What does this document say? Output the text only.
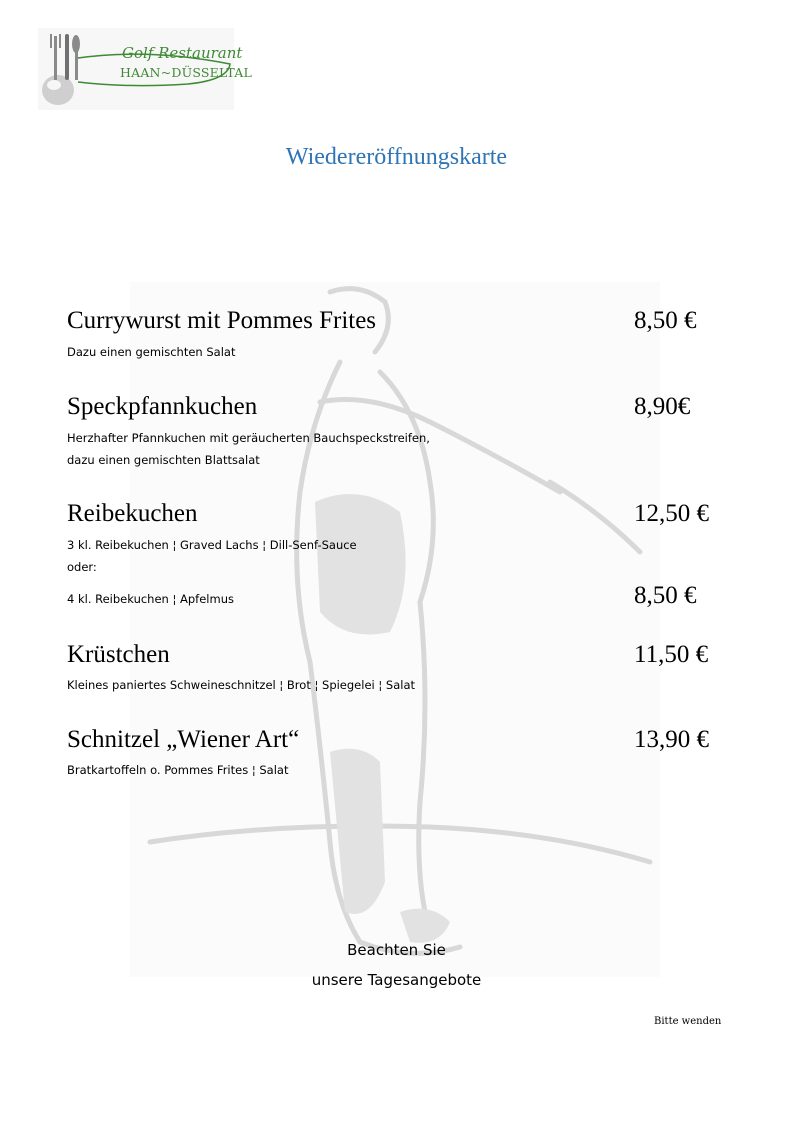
Golf Restaurant
HAAN~DÜSSELTAL
Wiedereröffnungskarte
Currywurst mit Pommes Frites	8,50 €
Dazu einen gemischten Salat
Speckpfannkuchen	8,90€
Herzhafter Pfannkuchen mit geräucherten Bauchspeckstreifen,
dazu einen gemischten Blattsalat
Reibekuchen	12,50 €
3 kl. Reibekuchen ¦ Graved Lachs ¦ Dill-Senf-Sauce
oder:
4 kl. Reibekuchen ¦ Apfelmus	8,50 €
Krüstchen	11,50 €
Kleines paniertes Schweineschnitzel ¦ Brot ¦ Spiegelei ¦ Salat
Schnitzel „Wiener Art“	13,90 €
Bratkartoffeln o. Pommes Frites ¦ Salat
Beachten Sie
unsere Tagesangebote
Bitte wenden
